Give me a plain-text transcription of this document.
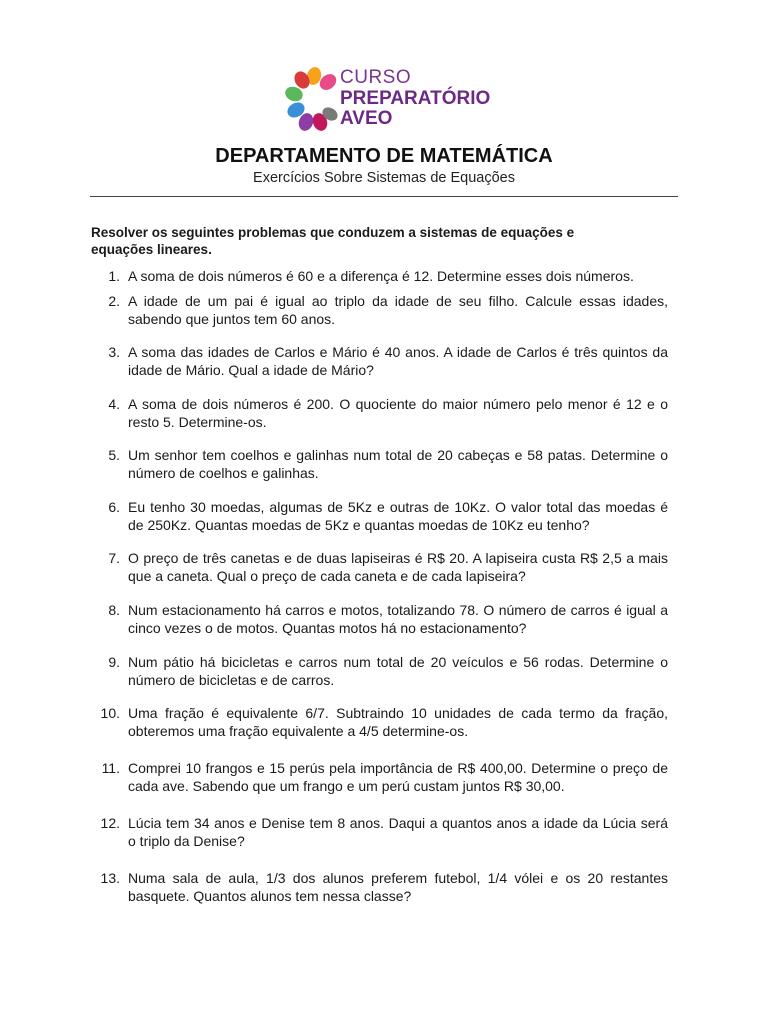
CURSO
PREPARATÓRIO
AVEO
DEPARTAMENTO DE MATEMÁTICA
Exercícios Sobre Sistemas de Equações
Resolver os seguintes problemas que conduzem a sistemas de equações e equações lineares.
1. A soma de dois números é 60 e a diferença é 12. Determine esses dois números.
2. A idade de um pai é igual ao triplo da idade de seu filho. Calcule essas idades, sabendo que juntos tem 60 anos.
3. A soma das idades de Carlos e Mário é 40 anos. A idade de Carlos é três quintos da idade de Mário. Qual a idade de Mário?
4. A soma de dois números é 200. O quociente do maior número pelo menor é 12 e o resto 5. Determine-os.
5. Um senhor tem coelhos e galinhas num total de 20 cabeças e 58 patas. Determine o número de coelhos e galinhas.
6. Eu tenho 30 moedas, algumas de 5Kz e outras de 10Kz. O valor total das moedas é de 250Kz. Quantas moedas de 5Kz e quantas moedas de 10Kz eu tenho?
7. O preço de três canetas e de duas lapiseiras é R$ 20. A lapiseira custa R$ 2,5 a mais que a caneta. Qual o preço de cada caneta e de cada lapiseira?
8. Num estacionamento há carros e motos, totalizando 78. O número de carros é igual a cinco vezes o de motos. Quantas motos há no estacionamento?
9. Num pátio há bicicletas e carros num total de 20 veículos e 56 rodas. Determine o número de bicicletas e de carros.
10. Uma fração é equivalente 6/7. Subtraindo 10 unidades de cada termo da fração, obteremos uma fração equivalente a 4/5 determine-os.
11. Comprei 10 frangos e 15 perús pela importância de R$ 400,00. Determine o preço de cada ave. Sabendo que um frango e um perú custam juntos R$ 30,00.
12. Lúcia tem 34 anos e Denise tem 8 anos. Daqui a quantos anos a idade da Lúcia será o triplo da Denise?
13. Numa sala de aula, 1/3 dos alunos preferem futebol, 1/4 vólei e os 20 restantes basquete. Quantos alunos tem nessa classe?
